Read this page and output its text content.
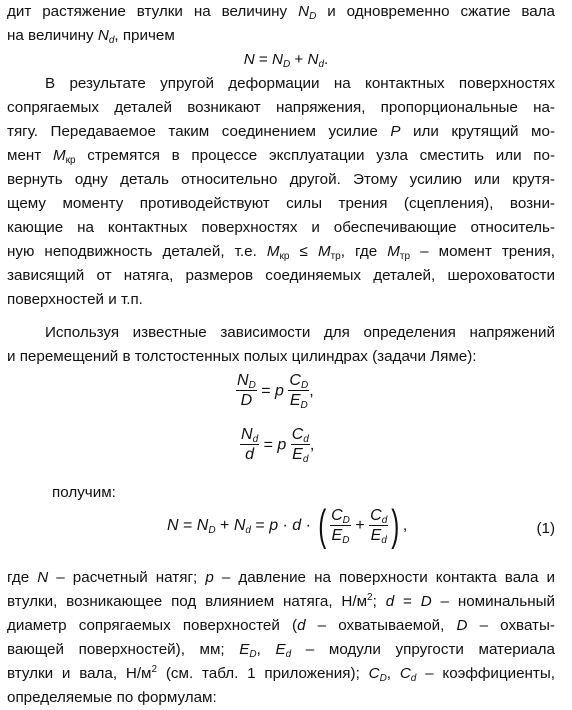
дит растяжение втулки на величину $N_D$ и одновременно сжатие вала
на величину $N_d$, причем
$N = N_D + N_d$.
В результате упругой деформации на контактных поверхностях
сопрягаемых деталей возникают напряжения, пропорциональные на-
тягу. Передаваемое таким соединением усилие P или крутящий мо-
мент $M_{кр}$ стремятся в процессе эксплуатации узла сместить или по-
вернуть одну деталь относительно другой. Этому усилию или крутя-
щему моменту противодействуют силы трения (сцепления), возни-
кающие на контактных поверхностях и обеспечивающие относитель-
ную неподвижность деталей, т.е. $M_{кр} \le M_{тр}$, где $M_{тр}$ – момент трения,
зависящий от натяга, размеров соединяемых деталей, шероховатости
поверхностей и т.п.
Используя известные зависимости для определения напряжений
и перемещений в толстостенных полых цилиндрах (задачи Ляме):
$\frac{N_D}{D} = p \frac{C_D}{E_D}$ ,
$\frac{N_d}{d} = p \frac{C_d}{E_d}$ ,
получим:
$N = N_D + N_d = p \cdot d$ · ( $\frac{C_D}{E_D} + \frac{C_d}{E_d}$ ) ,	(1)
где N – расчетный натяг; p – давление на поверхности контакта вала и
втулки, возникающее под влиянием натяга, $Н/м^2$; d = D – номинальный
диаметр сопрягаемых поверхностей (d – охватываемой, D – охваты-
вающей поверхностей), мм; $E_D$, $E_d$ – модули упругости материала
втулки и вала, $Н/м^2$ (см. табл. 1 приложения); $C_D$, $C_d$ – коэффициенты,
определяемые по формулам:
